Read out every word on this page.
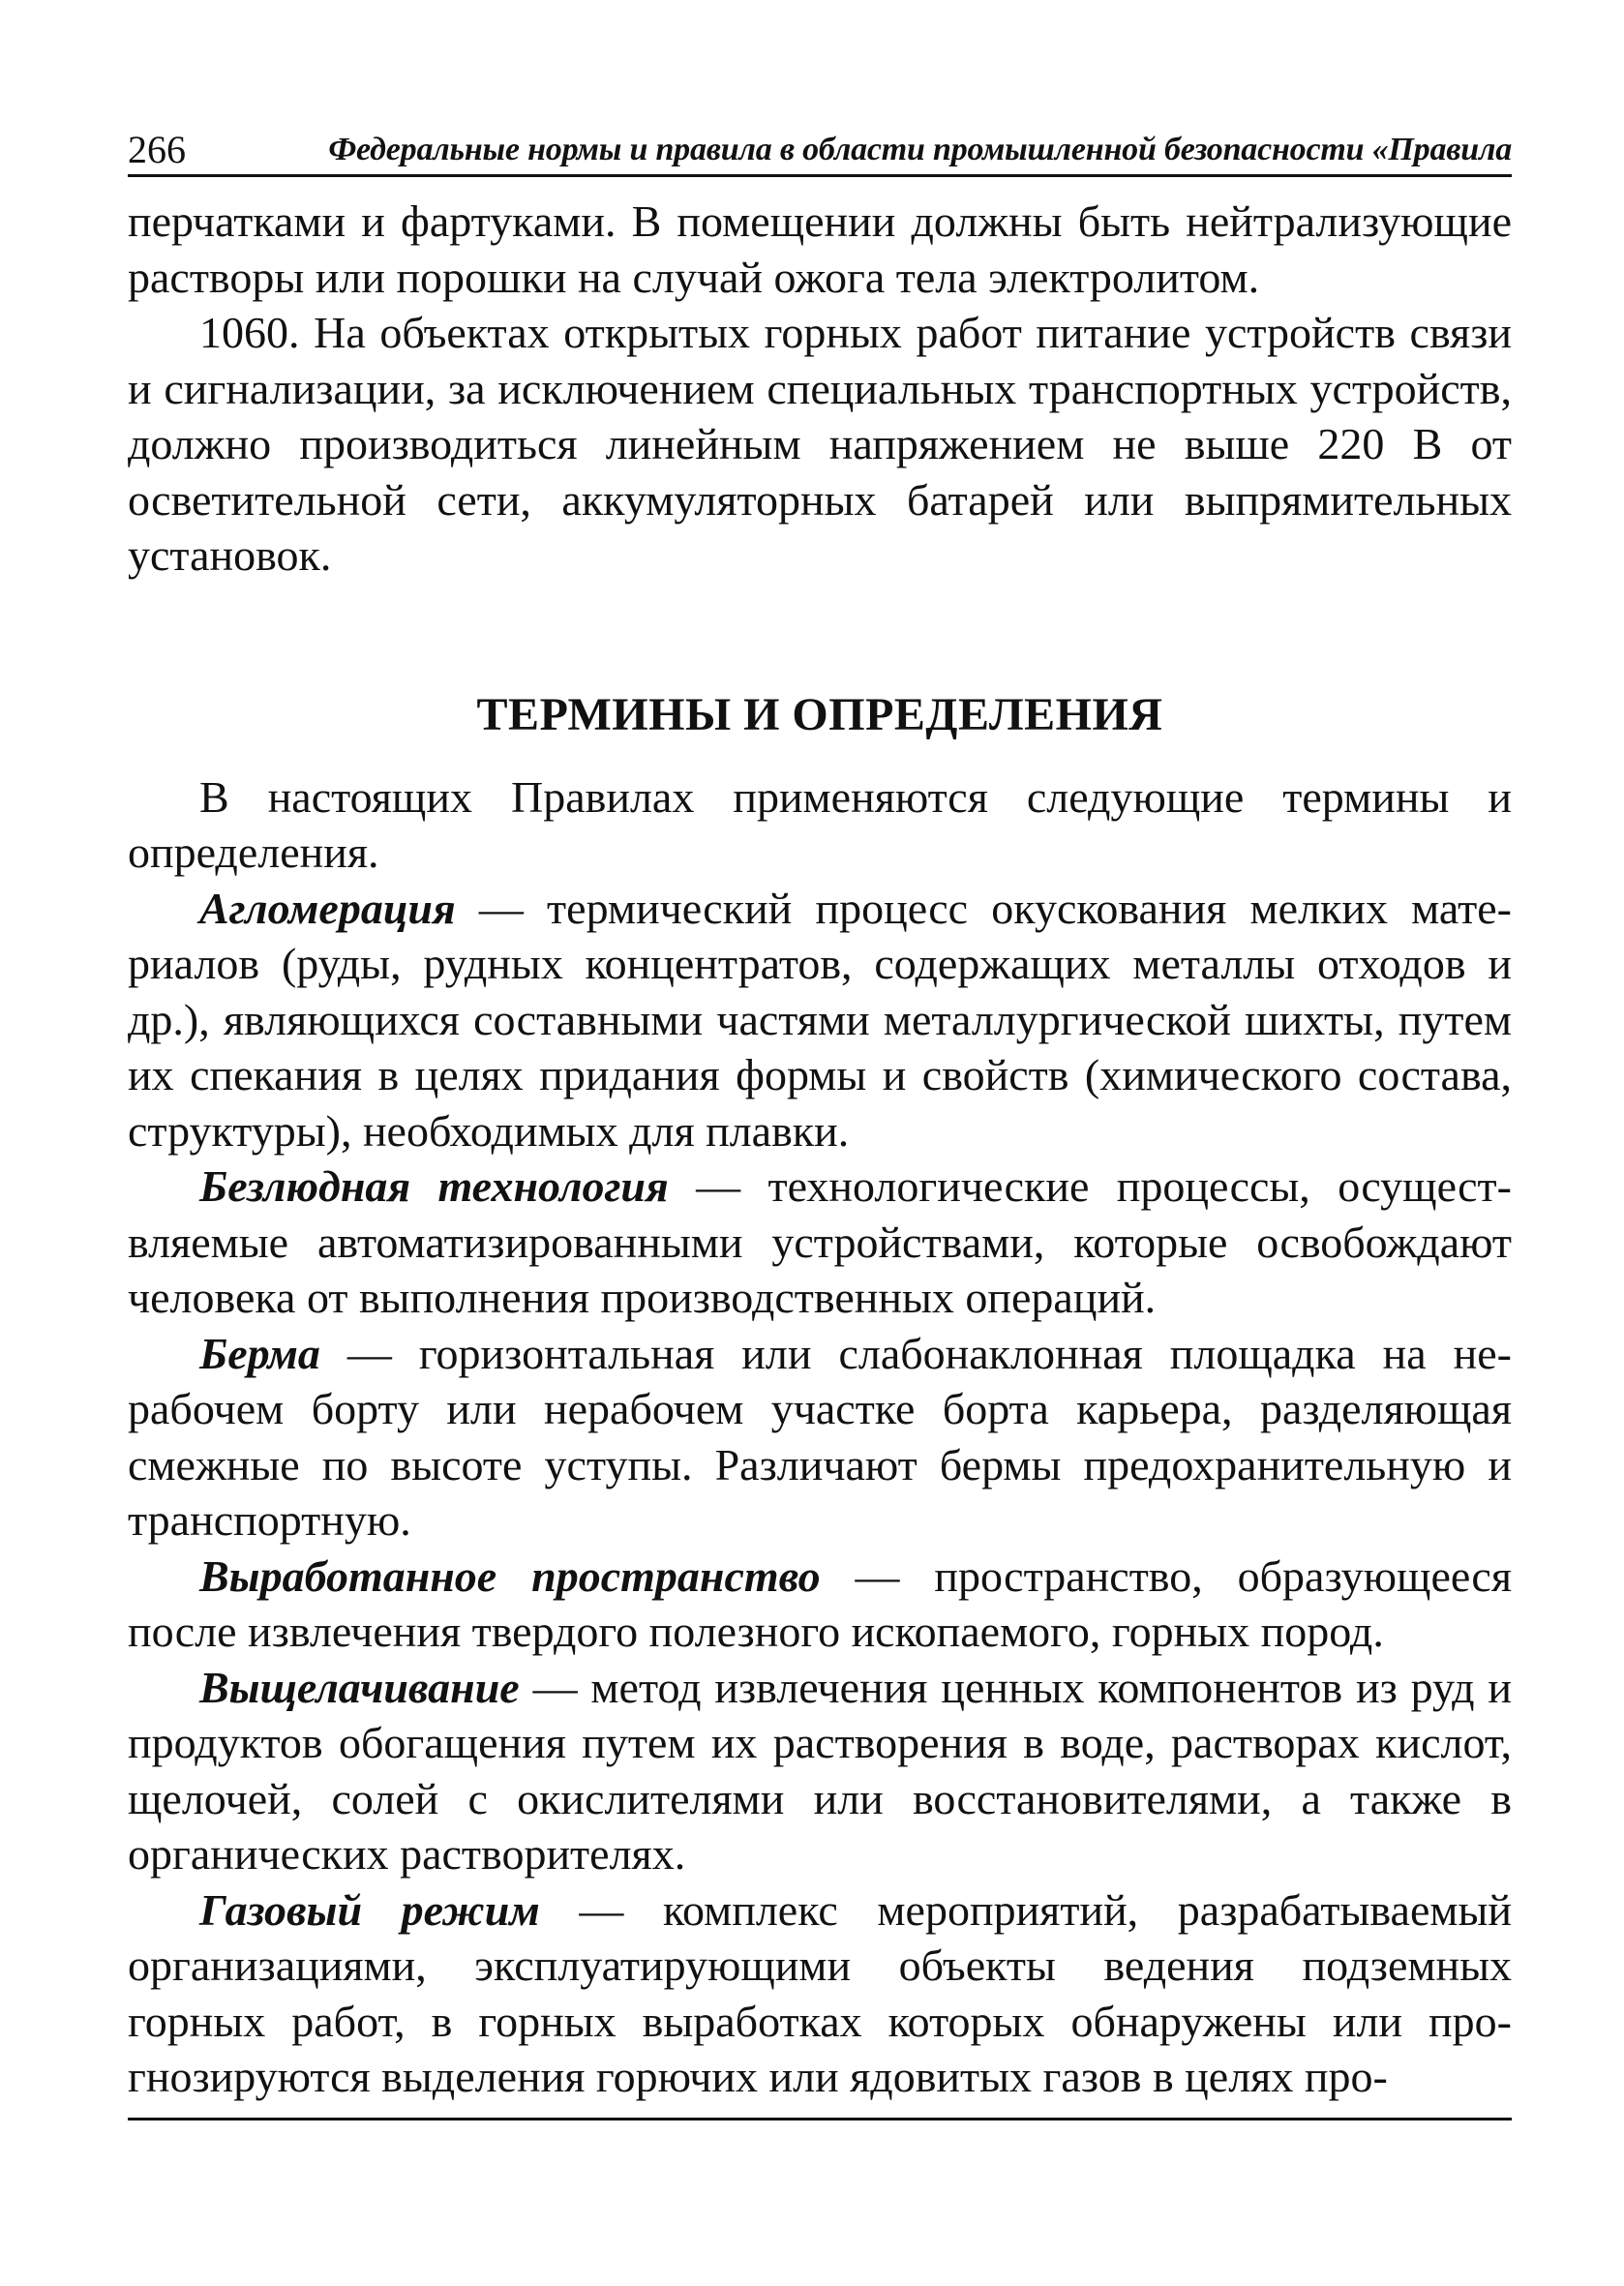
266	Федеральные нормы и правила в области промышленной безопасности «Правила

перчатками и фартуками. В помещении должны быть нейтрализующие растворы или порошки на случай ожога тела электролитом.

1060. На объектах открытых горных работ питание устройств связи и сигнализации, за исключением специальных транспортных устройств, должно производиться линейным напряжением не выше 220 В от осветительной сети, аккумуляторных батарей или выпрямительных установок.

ТЕРМИНЫ И ОПРЕДЕЛЕНИЯ

В настоящих Правилах применяются следующие термины и определения.

Агломерация — термический процесс окускования мелких материалов (руды, рудных концентратов, содержащих металлы отходов и др.), являющихся составными частями металлургической шихты, путем их спекания в целях придания формы и свойств (химического состава, структуры), необходимых для плавки.

Безлюдная технология — технологические процессы, осуществляемые автоматизированными устройствами, которые освобождают человека от выполнения производственных операций.

Берма — горизонтальная или слабонаклонная площадка на нерабочем борту или нерабочем участке борта карьера, разделяющая смежные по высоте уступы. Различают бермы предохранительную и транспортную.

Выработанное пространство — пространство, образующееся после извлечения твердого полезного ископаемого, горных пород.

Выщелачивание — метод извлечения ценных компонентов из руд и продуктов обогащения путем их растворения в воде, растворах кислот, щелочей, солей с окислителями или восстановителями, а также в органических растворителях.

Газовый режим — комплекс мероприятий, разрабатываемый организациями, эксплуатирующими объекты ведения подземных горных работ, в горных выработках которых обнаружены или прогнозируются выделения горючих или ядовитых газов в целях про-
